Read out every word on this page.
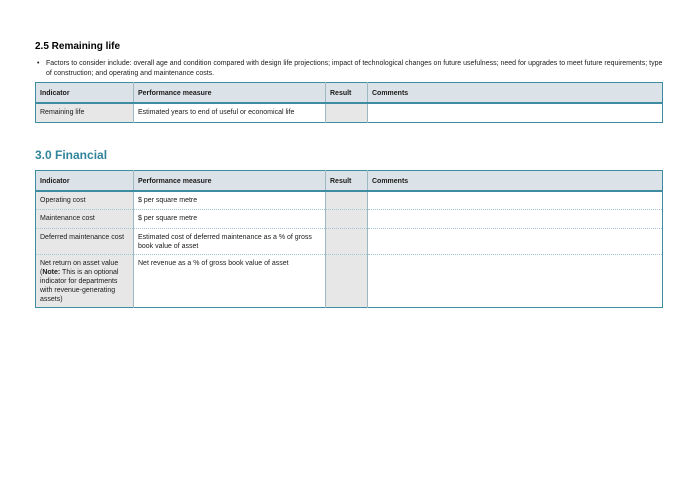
2.5 Remaining life
• Factors to consider include: overall age and condition compared with design life projections; impact of technological changes on future usefulness; need for upgrades to meet future requirements; type of construction; and operating and maintenance costs.
Indicator	Performance measure	Result	Comments
Remaining life	Estimated years to end of useful or economical life		
3.0 Financial
Indicator	Performance measure	Result	Comments
Operating cost	$ per square metre		
Maintenance cost	$ per square metre		
Deferred maintenance cost	Estimated cost of deferred maintenance as a % of gross book value of asset		
Net return on asset value (Note: This is an optional indicator for departments with revenue-generating assets)	Net revenue as a % of gross book value of asset		
